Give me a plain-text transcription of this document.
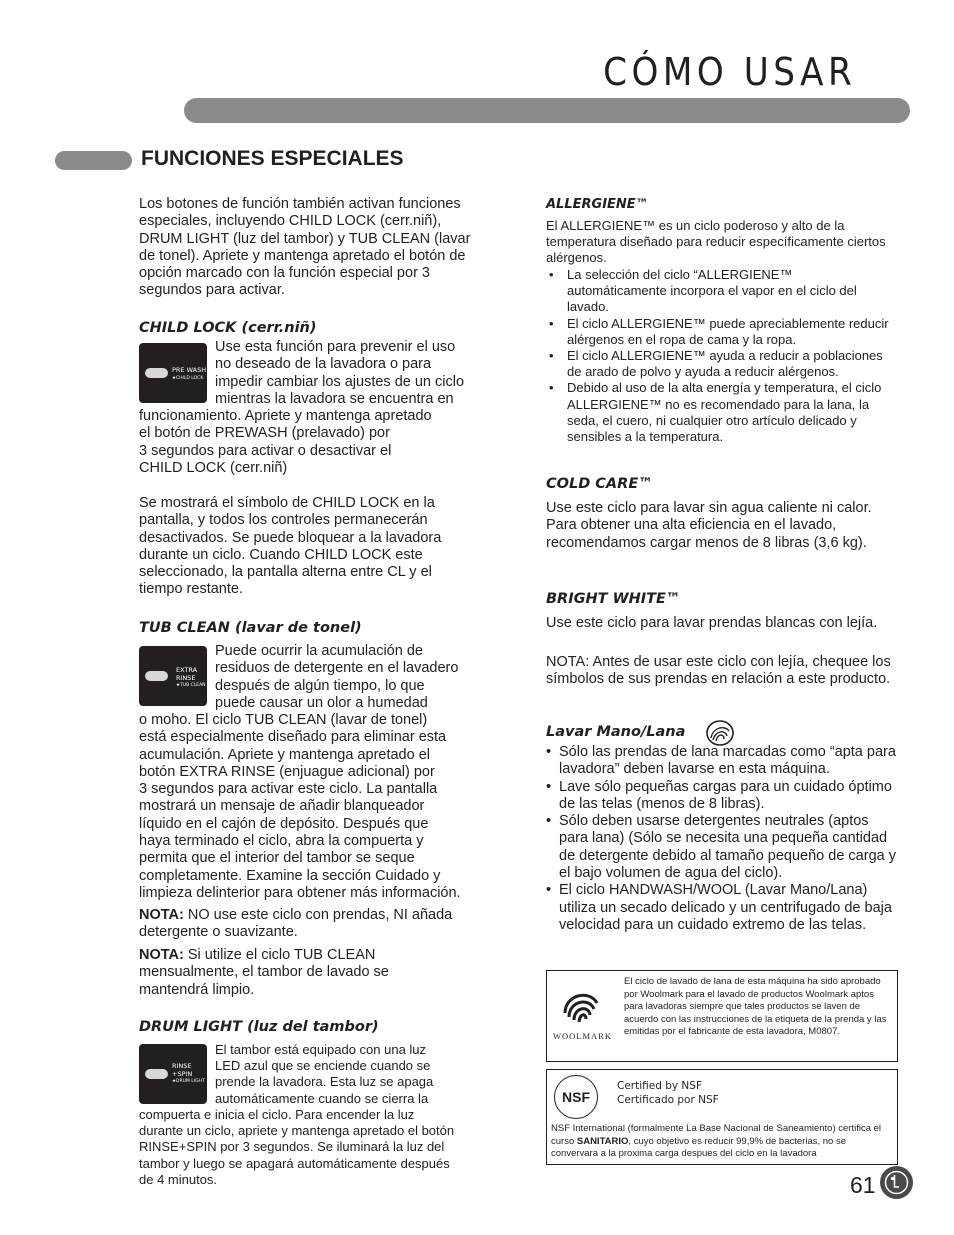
CÓMO USAR
FUNCIONES ESPECIALES

Los botones de función también activan funciones especiales, incluyendo CHILD LOCK (cerr.niñ), DRUM LIGHT (luz del tambor) y TUB CLEAN (lavar de tonel). Apriete y mantenga apretado el botón de opción marcado con la función especial por 3 segundos para activar.

CHILD LOCK (cerr.niñ)
PRE WASH
★CHILD LOCK
Use esta función para prevenir el uso
no deseado de la lavadora o para
impedir cambiar los ajustes de un ciclo
mientras la lavadora se encuentra en
funcionamiento. Apriete y mantenga apretado
el botón de PREWASH (prelavado) por
3 segundos para activar o desactivar el
CHILD LOCK (cerr.niñ)

Se mostrará el símbolo de CHILD LOCK en la pantalla, y todos los controles permanecerán desactivados. Se puede bloquear a la lavadora durante un ciclo. Cuando CHILD LOCK este seleccionado, la pantalla alterna entre CL y el tiempo restante.

TUB CLEAN (lavar de tonel)
EXTRA
RINSE
★TUB CLEAN
Puede ocurrir la acumulación de
residuos de detergente en el lavadero
después de algún tiempo, lo que
puede causar un olor a humedad
o moho. El ciclo TUB CLEAN (lavar de tonel)
está especialmente diseñado para eliminar esta
acumulación. Apriete y mantenga apretado el
botón EXTRA RINSE (enjuague adicional) por
3 segundos para activar este ciclo. La pantalla
mostrará un mensaje de añadir blanqueador
líquido en el cajón de depósito. Después que
haya terminado el ciclo, abra la compuerta y
permita que el interior del tambor se seque
completamente. Examine la sección Cuidado y
limpieza delinterior para obtener más información.

NOTA: NO use este ciclo con prendas, NI añada detergente o suavizante.

NOTA: Si utilize el ciclo TUB CLEAN mensualmente, el tambor de lavado se mantendrá limpio.

DRUM LIGHT (luz del tambor)
RINSE
+SPIN
★DRUM LIGHT
El tambor está equipado con una luz
LED azul que se enciende cuando se
prende la lavadora. Esta luz se apaga
automáticamente cuando se cierra la
compuerta e inicia el ciclo. Para encender la luz
durante un ciclo, apriete y mantenga apretado el botón
RINSE+SPIN por 3 segundos. Se iluminará la luz del
tambor y luego se apagará automáticamente después
de 4 minutos.
ALLERGIENE™

El ALLERGIENE™ es un ciclo poderoso y alto de la temperatura diseñado para reducir específicamente ciertos alérgenos.

• La selección del ciclo “ALLERGIENE™ automáticamente incorpora el vapor en el ciclo del lavado.
• El ciclo ALLERGIENE™ puede apreciablemente reducir alérgenos en el ropa de cama y la ropa.
• El ciclo ALLERGIENE™ ayuda a reducir a poblaciones de arado de polvo y ayuda a reducir alérgenos.
• Debido al uso de la alta energía y temperatura, el ciclo ALLERGIENE™ no es recomendado para la lana, la seda, el cuero, ni cualquier otro artículo delicado y sensibles a la temperatura.
COLD CARE™

Use este ciclo para lavar sin agua caliente ni calor. Para obtener una alta eficiencia en el lavado, recomendamos cargar menos de 8 libras (3,6 kg).

BRIGHT WHITE™

Use este ciclo para lavar prendas blancas con lejía.

NOTA: Antes de usar este ciclo con lejía, chequee los símbolos de sus prendas en relación a este producto.

Lavar Mano/Lana
• Sólo las prendas de lana marcadas como “apta para lavadora” deben lavarse en esta máquina.
• Lave sólo pequeñas cargas para un cuidado óptimo de las telas (menos de 8 libras).
• Sólo deben usarse detergentes neutrales (aptos para lana) (Sólo se necesita una pequeña cantidad de detergente debido al tamaño pequeño de carga y el bajo volumen de agua del ciclo).
• El ciclo HANDWASH/WOOL (Lavar Mano/Lana) utiliza un secado delicado y un centrifugado de baja velocidad para un cuidado extremo de las telas.
WOOLMARK

El ciclo de lavado de lana de esta máquina ha sido aprobado por Woolmark para el lavado de productos Woolmark aptos para lavadoras siempre que tales productos se laven de acuerdo con las instrucciones de la etiqueta de la prenda y las emitidas por el fabricante de esta lavadora, M0807.

NSF
Certified by NSF
Certificado por NSF

NSF International (formalmente La Base Nacional de Saneamiento) certifica el curso SANITARIO, cuyo objetivo es reducir 99,9% de bacterias, no se convervara a la proxima carga despues del ciclo en la lavadora

61
